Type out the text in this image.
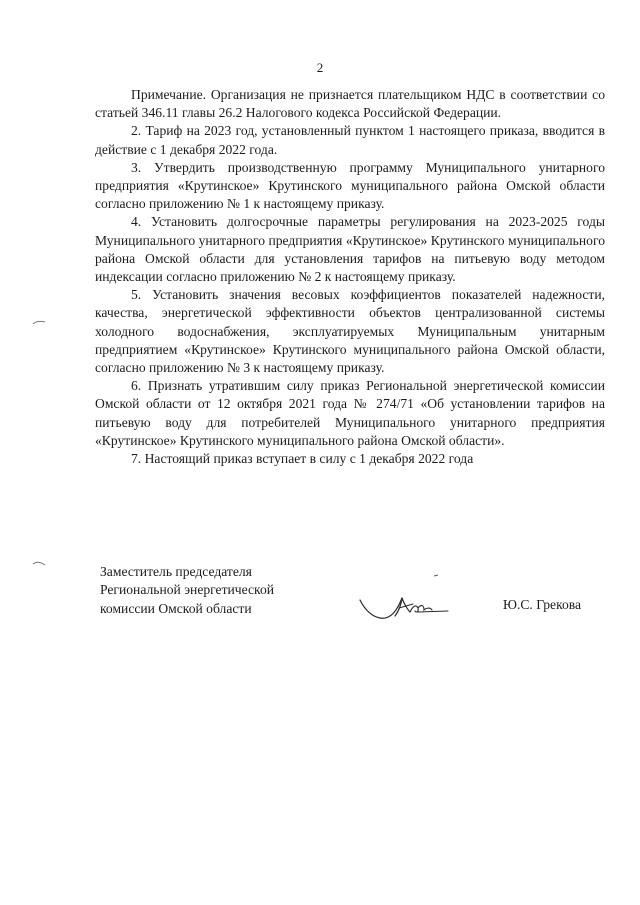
2

Примечание. Организация не признается плательщиком НДС в соответствии со статьей 346.11 главы 26.2 Налогового кодекса Российской Федерации.

2. Тариф на 2023 год, установленный пунктом 1 настоящего приказа, вводится в действие с 1 декабря 2022 года.

3. Утвердить производственную программу Муниципального унитарного предприятия «Крутинское» Крутинского муниципального района Омской области согласно приложению № 1 к настоящему приказу.

4. Установить долгосрочные параметры регулирования на 2023-2025 годы Муниципального унитарного предприятия «Крутинское» Крутинского муниципального района Омской области для установления тарифов на питьевую воду методом индексации согласно приложению № 2 к настоящему приказу.

5. Установить значения весовых коэффициентов показателей надежности, качества, энергетической эффективности объектов централизованной системы холодного водоснабжения, эксплуатируемых Муниципальным унитарным предприятием «Крутинское» Крутинского муниципального района Омской области, согласно приложению № 3 к настоящему приказу.

6. Признать утратившим силу приказ Региональной энергетической комиссии Омской области от 12 октября 2021 года № 274/71 «Об установлении тарифов на питьевую воду для потребителей Муниципального унитарного предприятия «Крутинское» Крутинского муниципального района Омской области».

7. Настоящий приказ вступает в силу с 1 декабря 2022 года

Заместитель председателя
Региональной энергетической
комиссии Омской области	Ю.С. Грекова
